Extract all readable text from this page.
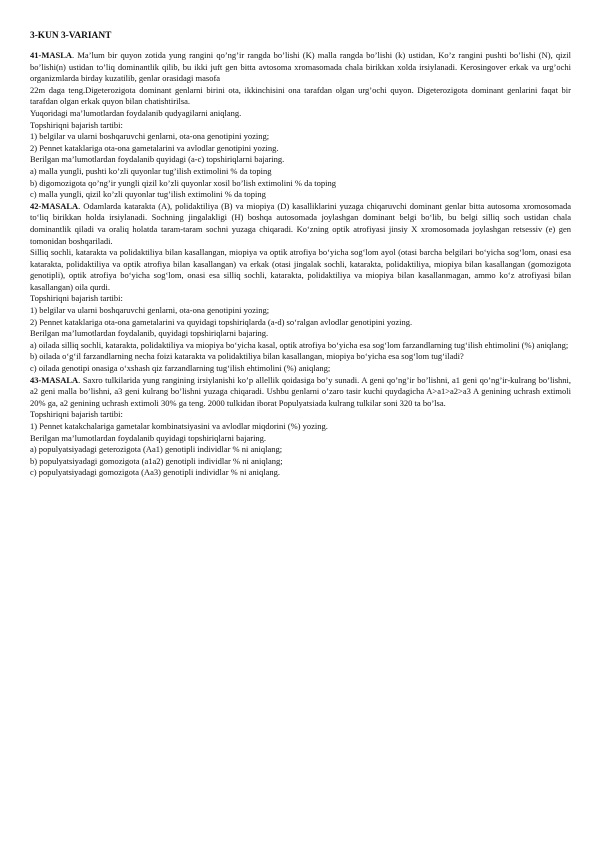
3-KUN 3-VARIANT

41-MASLA. Ma’lum bir quyon zotida yung rangini qo’ng’ir rangda bo’lishi (K) malla rangda bo’lishi (k) ustidan, Ko’z rangini pushti bo’lishi (N), qizil bo’lishi(n) ustidan to’liq dominantlik qilib, bu ikki juft gen bitta avtosoma xromasomada chala birikkan xolda irsiylanadi. Kerosingover erkak va urg’ochi organizmlarda birday kuzatilib, genlar orasidagi masofa

22m daga teng.Digeterozigota dominant genlarni birini ota, ikkinchisini ona tarafdan olgan urg’ochi quyon. Digeterozigota dominant genlarini faqat bir tarafdan olgan erkak quyon bilan chatishtirilsa.

Yuqoridagi ma’lumotlardan foydalanib qudyagilarni aniqlang.

Topshiriqni bajarish tartibi:

1) belgilar va ularni boshqaruvchi genlarni, ota-ona genotipini yozing;

2) Pennet kataklariga ota-ona gametalarini va avlodlar genotipini yozing.

Berilgan ma’lumotlardan foydalanib quyidagi (a-c) topshiriqlarni bajaring.

a) malla yungli, pushti ko’zli quyonlar tug’ilish extimolini % da toping

b) digomozigota qo’ng’ir yungli qizil ko’zli quyonlar xosil bo’lish extimolini % da toping

c) malla yungli, qizil ko’zli quyonlar tug’ilish extimolini % da toping

42-MASALA. Odamlarda katarakta (A), polidaktiliya (B) va miopiya (D) kasalliklarini yuzaga chiqaruvchi dominant genlar bitta autosoma xromosomada to‘liq birikkan holda irsiylanadi. Sochning jingalakligi (H) boshqa autosomada joylashgan dominant belgi bo‘lib, bu belgi silliq soch ustidan chala dominantlik qiladi va oraliq holatda taram-taram sochni yuzaga chiqaradi. Ko‘zning optik atrofiyasi jinsiy X xromosomada joylashgan retsessiv (e) gen tomonidan boshqariladi.

Silliq sochli, katarakta va polidaktiliya bilan kasallangan, miopiya va optik atrofiya bo‘yicha sog‘lom ayol (otasi barcha belgilari bo‘yicha sog‘lom, onasi esa katarakta, polidaktiliya va optik atrofiya bilan kasallangan) va erkak (otasi jingalak sochli, katarakta, polidaktiliya, miopiya bilan kasallangan (gomozigota genotipli), optik atrofiya bo‘yicha sog‘lom, onasi esa silliq sochli, katarakta, polidaktiliya va miopiya bilan kasallanmagan, ammo ko‘z atrofiyasi bilan kasallangan) oila qurdi.

Topshiriqni bajarish tartibi:

1) belgilar va ularni boshqaruvchi genlarni, ota-ona genotipini yozing;

2) Pennet kataklariga ota-ona gametalarini va quyidagi topshiriqlarda (a-d) so‘ralgan avlodlar genotipini yozing.

Berilgan ma’lumotlardan foydalanib, quyidagi topshiriqlarni bajaring.

a) oilada silliq sochli, katarakta, polidaktiliya va miopiya bo‘yicha kasal, optik atrofiya bo‘yicha esa sog‘lom farzandlarning tug‘ilish ehtimolini (%) aniqlang;

b) oilada o‘g‘il farzandlarning necha foizi katarakta va polidaktiliya bilan kasallangan, miopiya bo‘yicha esa sog‘lom tug‘iladi?

c) oilada genotipi onasiga o‘xshash qiz farzandlarning tug‘ilish ehtimolini (%) aniqlang;

43-MASALA. Saxro tulkilarida yung rangining irsiylanishi ko’p allellik qoidasiga bo’y sunadi. A geni qo’ng’ir bo’lishni, a1 geni qo’ng’ir-kulrang bo’lishni, a2 geni malla bo’lishni, a3 geni kulrang bo’lishni yuzaga chiqaradi. Ushbu genlarni o’zaro tasir kuchi quydagicha A>a1>a2>a3 A genining uchrash extimoli 20% ga, a2 genining uchrash extimoli 30% ga teng. 2000 tulkidan iborat Populyatsiada kulrang tulkilar soni 320 ta bo’lsa.

Topshiriqni bajarish tartibi:

1) Pennet katakchalariga gametalar kombinatsiyasini va avlodlar miqdorini (%) yozing.

Berilgan ma’lumotlardan foydalanib quyidagi topshiriqlarni bajaring.

a) populyatsiyadagi geterozigota (Aa1) genotipli individlar % ni aniqlang;

b) populyatsiyadagi gomozigota (a1a2) genotipli individlar % ni aniqlang;

c) populyatsiyadagi gomozigota (Aa3) genotipli individlar % ni aniqlang.
